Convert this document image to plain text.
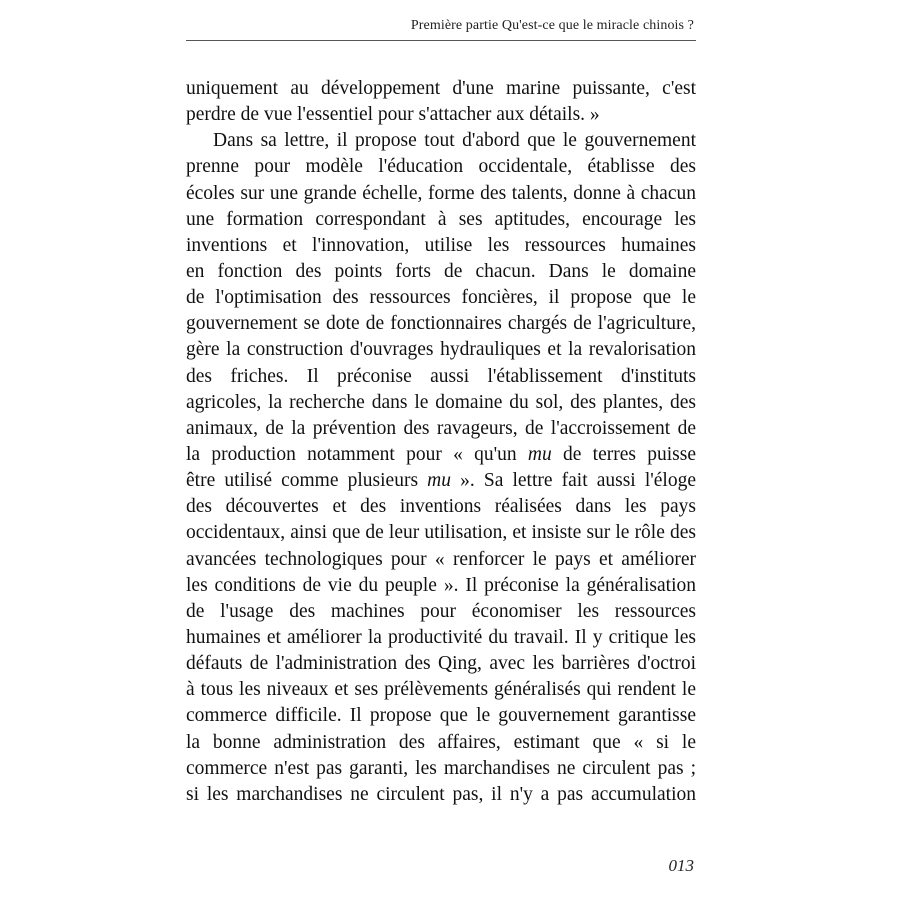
Première partie Qu'est-ce que le miracle chinois ?
uniquement au développement d'une marine puissante, c'est
perdre de vue l'essentiel pour s'attacher aux détails. »
Dans sa lettre, il propose tout d'abord que le gouvernement
prenne pour modèle l'éducation occidentale, établisse des
écoles sur une grande échelle, forme des talents, donne à chacun
une formation correspondant à ses aptitudes, encourage les
inventions et l'innovation, utilise les ressources humaines
en fonction des points forts de chacun. Dans le domaine
de l'optimisation des ressources foncières, il propose que le
gouvernement se dote de fonctionnaires chargés de l'agriculture,
gère la construction d'ouvrages hydrauliques et la revalorisation
des friches. Il préconise aussi l'établissement d'instituts
agricoles, la recherche dans le domaine du sol, des plantes, des
animaux, de la prévention des ravageurs, de l'accroissement de
la production notamment pour « qu'un mu de terres puisse
être utilisé comme plusieurs mu ». Sa lettre fait aussi l'éloge
des découvertes et des inventions réalisées dans les pays
occidentaux, ainsi que de leur utilisation, et insiste sur le rôle des
avancées technologiques pour « renforcer le pays et améliorer
les conditions de vie du peuple ». Il préconise la généralisation
de l'usage des machines pour économiser les ressources
humaines et améliorer la productivité du travail. Il y critique les
défauts de l'administration des Qing, avec les barrières d'octroi
à tous les niveaux et ses prélèvements généralisés qui rendent le
commerce difficile. Il propose que le gouvernement garantisse
la bonne administration des affaires, estimant que « si le
commerce n'est pas garanti, les marchandises ne circulent pas ;
si les marchandises ne circulent pas, il n'y a pas accumulation
013
